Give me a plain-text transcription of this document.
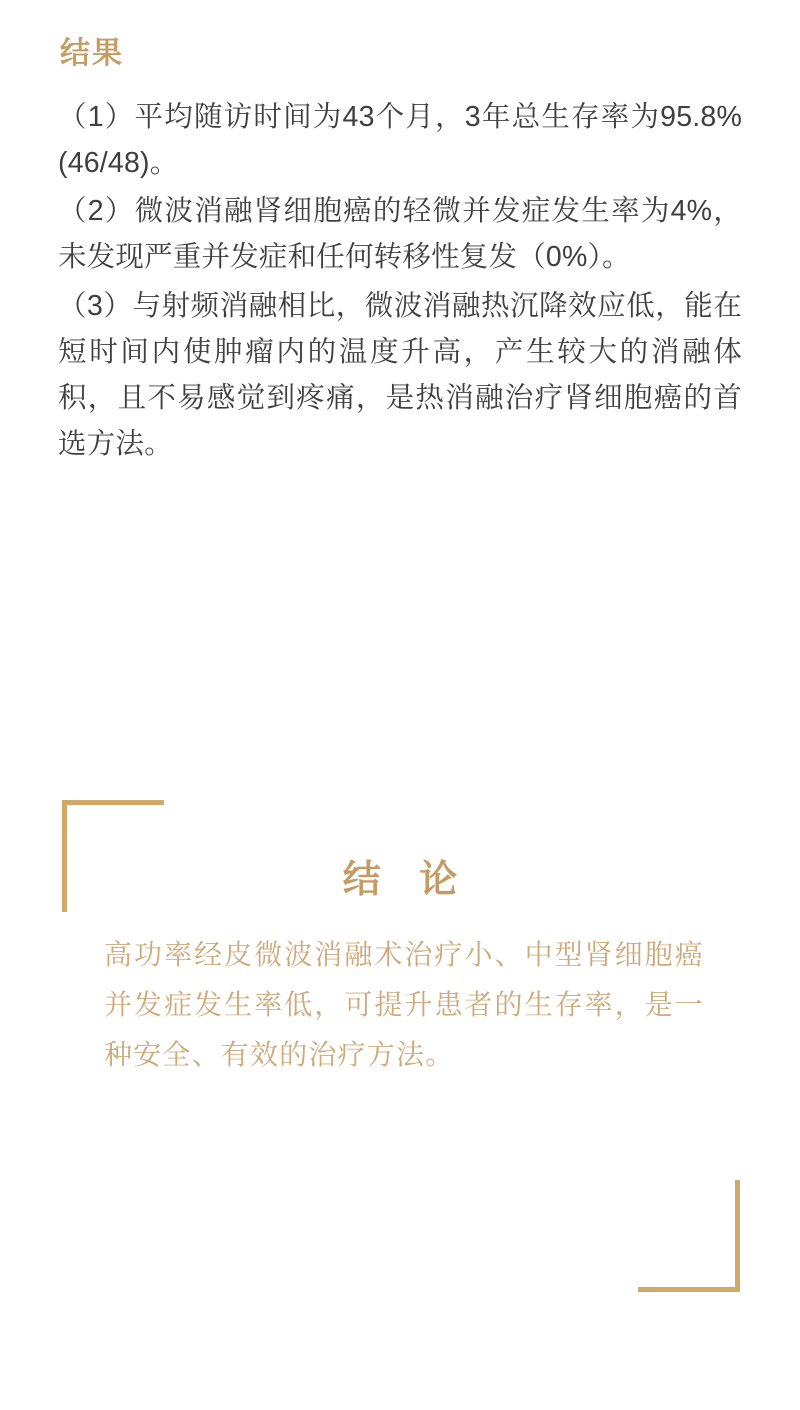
结果

（1）平均随访时间为43个月，3年总生存率为95.8%(46/48)。

（2）微波消融肾细胞癌的轻微并发症发生率为4%，未发现严重并发症和任何转移性复发（0%）。

（3）与射频消融相比，微波消融热沉降效应低，能在短时间内使肿瘤内的温度升高，产生较大的消融体积，且不易感觉到疼痛，是热消融治疗肾细胞癌的首选方法。

结 论
高功率经皮微波消融术治疗小、中型肾细胞癌并发症发生率低，可提升患者的生存率，是一种安全、有效的治疗方法。
